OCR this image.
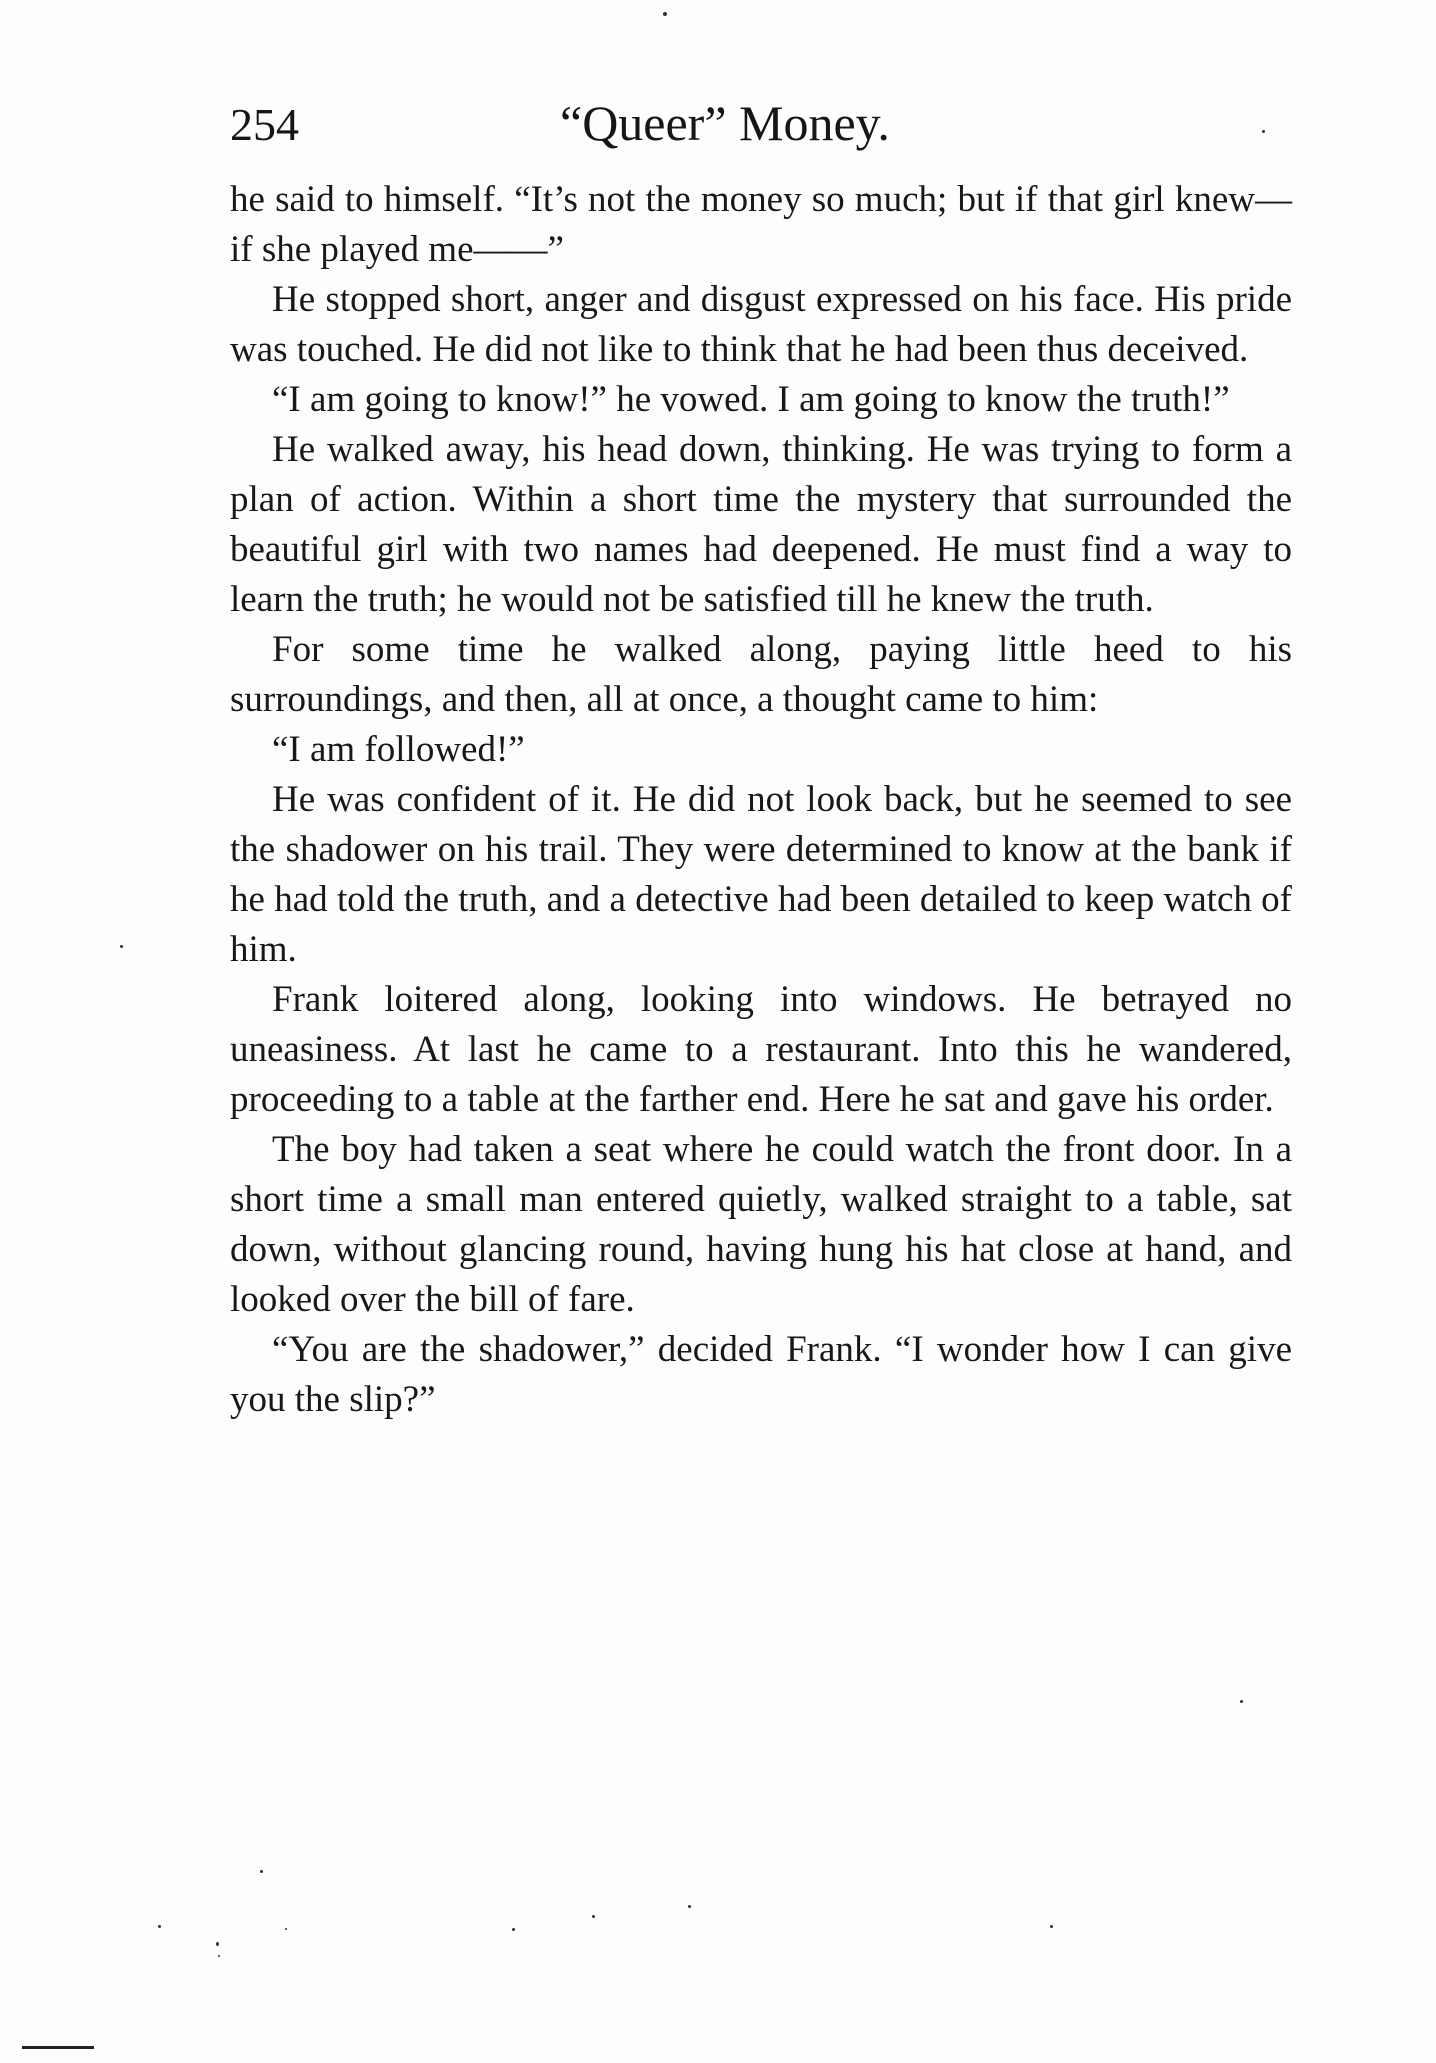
254	“Queer” Money.

he said to himself. “It’s not the money so much; but if that girl knew—if she played me——”

He stopped short, anger and disgust expressed on his face. His pride was touched. He did not like to think that he had been thus deceived.

“I am going to know!” he vowed. I am going to know the truth!”

He walked away, his head down, thinking. He was trying to form a plan of action. Within a short time the mystery that surrounded the beautiful girl with two names had deepened. He must find a way to learn the truth; he would not be satisfied till he knew the truth.

For some time he walked along, paying little heed to his surroundings, and then, all at once, a thought came to him:

“I am followed!”

He was confident of it. He did not look back, but he seemed to see the shadower on his trail. They were determined to know at the bank if he had told the truth, and a detective had been detailed to keep watch of him.

Frank loitered along, looking into windows. He betrayed no uneasiness. At last he came to a restaurant. Into this he wandered, proceeding to a table at the farther end. Here he sat and gave his order.

The boy had taken a seat where he could watch the front door. In a short time a small man entered quietly, walked straight to a table, sat down, without glancing round, having hung his hat close at hand, and looked over the bill of fare.

“You are the shadower,” decided Frank. “I wonder how I can give you the slip?”
